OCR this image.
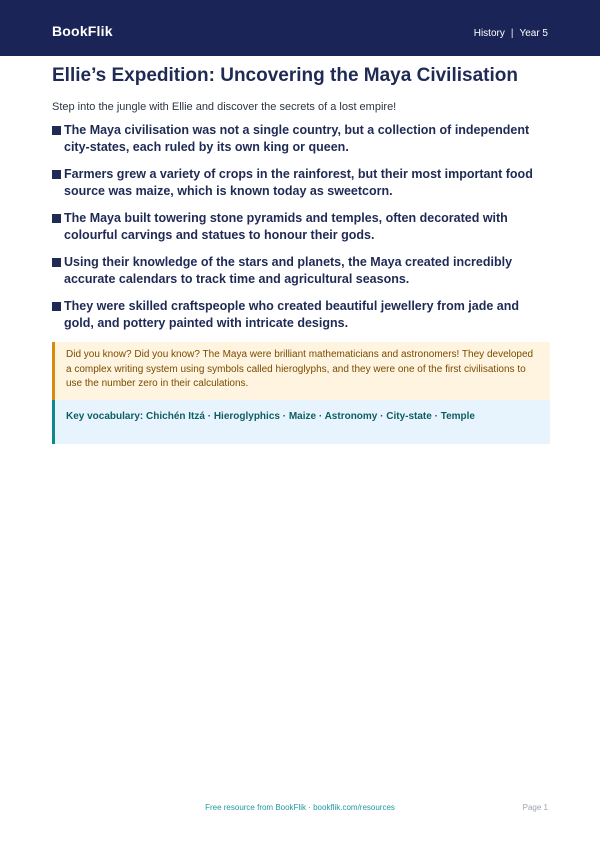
BookFlik	History | Year 5
Ellie’s Expedition: Uncovering the Maya Civilisation

Step into the jungle with Ellie and discover the secrets of a lost empire!

The Maya civilisation was not a single country, but a collection of independent city-states, each ruled by its own king or queen.
Farmers grew a variety of crops in the rainforest, but their most important food source was maize, which is known today as sweetcorn.
The Maya built towering stone pyramids and temples, often decorated with colourful carvings and statues to honour their gods.
Using their knowledge of the stars and planets, the Maya created incredibly accurate calendars to track time and agricultural seasons.
They were skilled craftspeople who created beautiful jewellery from jade and gold, and pottery painted with intricate designs.
Did you know? Did you know? The Maya were brilliant mathematicians and astronomers! They developed a complex writing system using symbols called hieroglyphs, and they were one of the first civilisations to use the number zero in their calculations.
Key vocabulary: Chichén Itzá · Hieroglyphics · Maize · Astronomy · City-state · Temple
Free resource from BookFlik · bookflik.com/resources	Page 1
